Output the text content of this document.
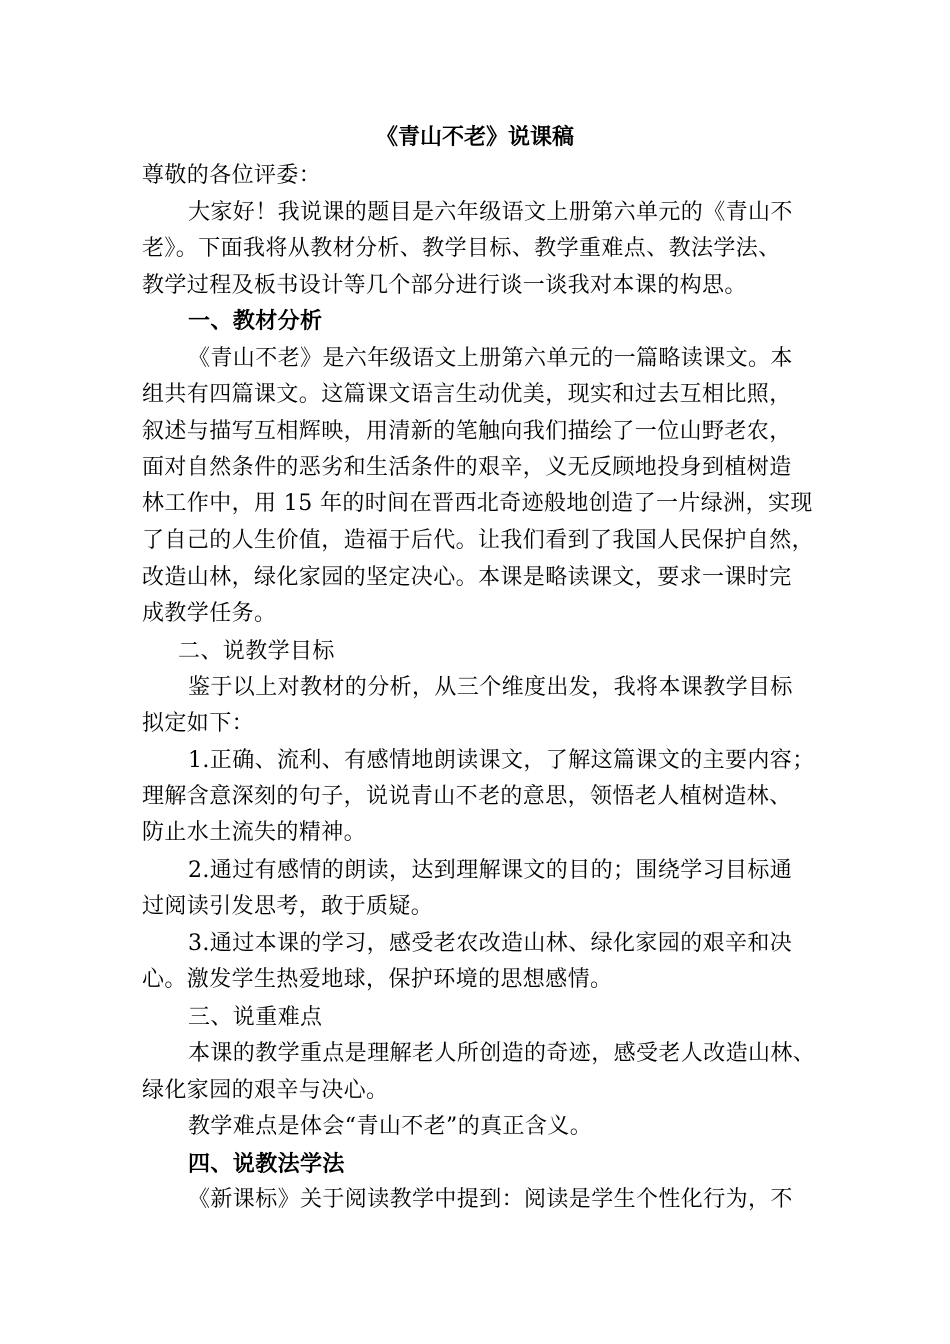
《青山不老》说课稿
尊敬的各位评委：
大家好！我说课的题目是六年级语文上册第六单元的《青山不
老》。下面我将从教材分析、教学目标、教学重难点、教法学法、
教学过程及板书设计等几个部分进行谈一谈我对本课的构思。
一、教材分析
《青山不老》是六年级语文上册第六单元的一篇略读课文。本
组共有四篇课文。这篇课文语言生动优美，现实和过去互相比照，
叙述与描写互相辉映，用清新的笔触向我们描绘了一位山野老农，
面对自然条件的恶劣和生活条件的艰辛，义无反顾地投身到植树造
林工作中，用 15 年的时间在晋西北奇迹般地创造了一片绿洲，实现
了自己的人生价值，造福于后代。让我们看到了我国人民保护自然，
改造山林，绿化家园的坚定决心。本课是略读课文，要求一课时完
成教学任务。
二、说教学目标
鉴于以上对教材的分析，从三个维度出发，我将本课教学目标
拟定如下：
1.正确、流利、有感情地朗读课文，了解这篇课文的主要内容；
理解含意深刻的句子，说说青山不老的意思，领悟老人植树造林、
防止水土流失的精神。
2.通过有感情的朗读，达到理解课文的目的；围绕学习目标通
过阅读引发思考，敢于质疑。
3.通过本课的学习，感受老农改造山林、绿化家园的艰辛和决
心。激发学生热爱地球，保护环境的思想感情。
三、说重难点
本课的教学重点是理解老人所创造的奇迹，感受老人改造山林、
绿化家园的艰辛与决心。
教学难点是体会“青山不老”的真正含义。
四、说教法学法
《新课标》关于阅读教学中提到：阅读是学生个性化行为，不
